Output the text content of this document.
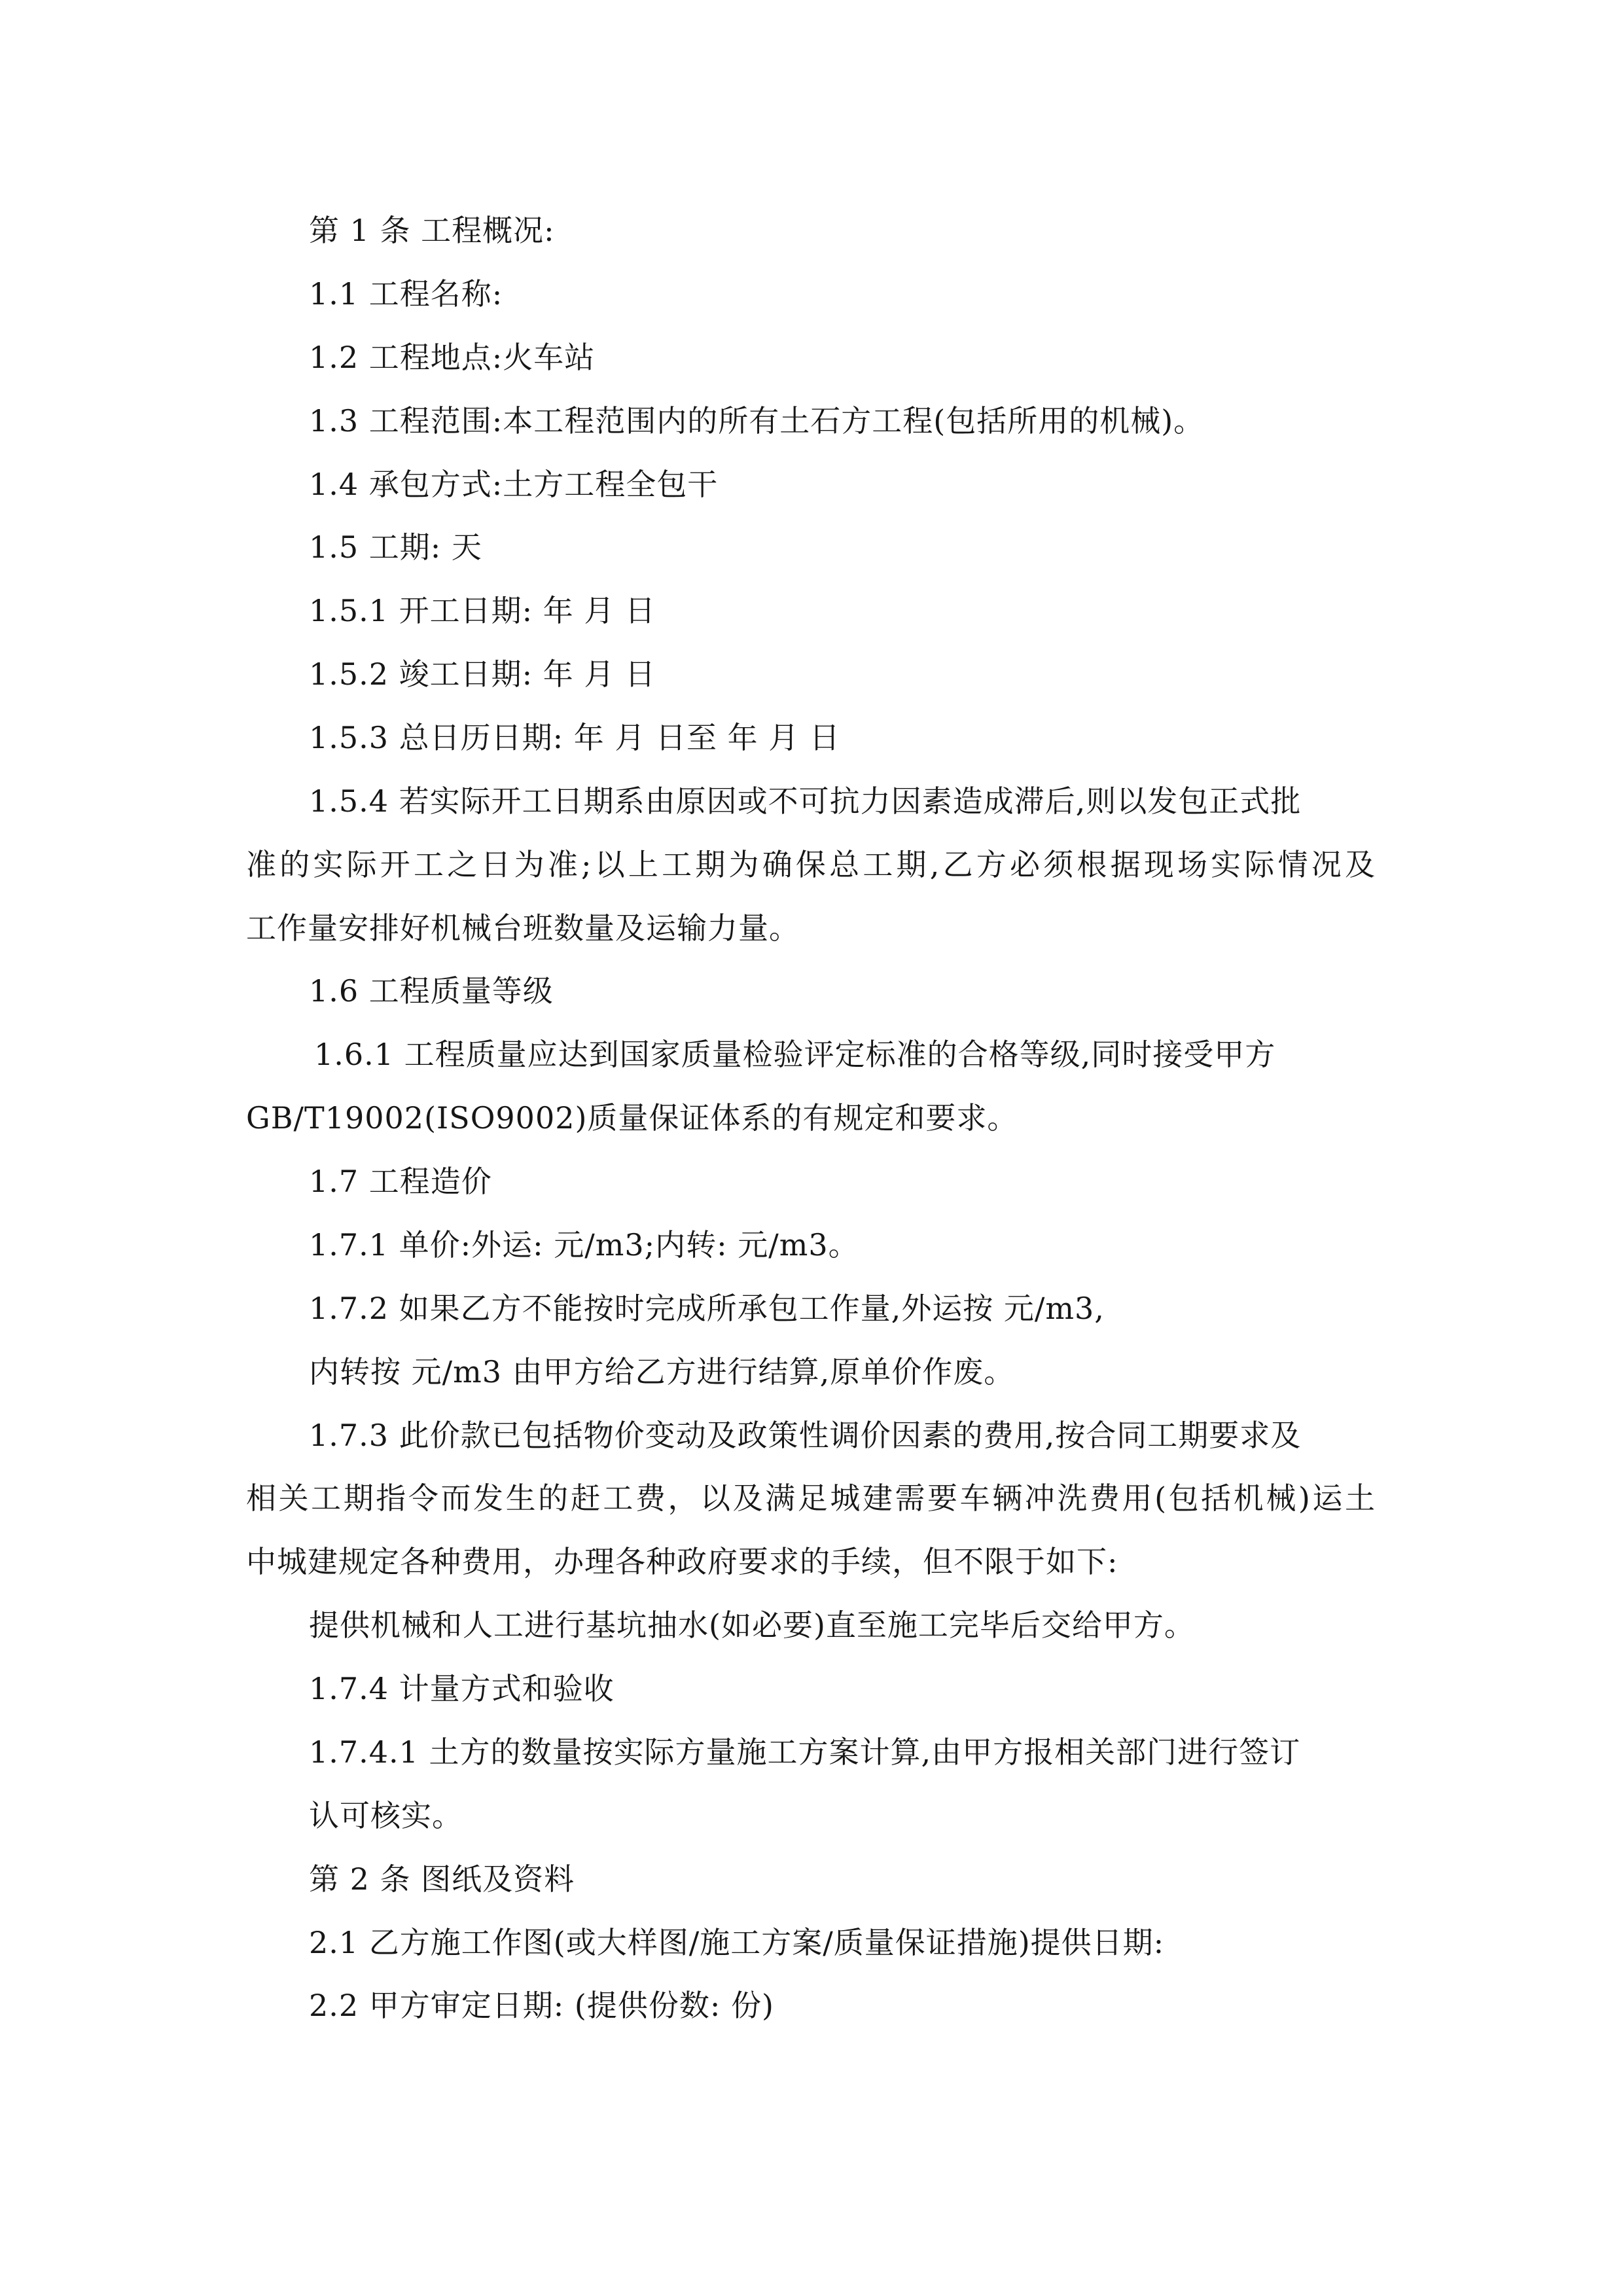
第 1 条 工程概况:

1.1 工程名称:

1.2 工程地点:火车站

1.3 工程范围:本工程范围内的所有土石方工程(包括所用的机械)。

1.4 承包方式:土方工程全包干

1.5 工期: 天

1.5.1 开工日期: 年 月 日

1.5.2 竣工日期: 年 月 日

1.5.3 总日历日期: 年 月 日至 年 月 日

1.5.4 若实际开工日期系由原因或不可抗力因素造成滞后,则以发包正式批

准的实际开工之日为准;以上工期为确保总工期,乙方必须根据现场实际情况及

工作量安排好机械台班数量及运输力量。

1.6 工程质量等级

1.6.1 工程质量应达到国家质量检验评定标准的合格等级,同时接受甲方

GB/T19002(ISO9002)质量保证体系的有规定和要求。

1.7 工程造价

1.7.1 单价:外运: 元/m3;内转: 元/m3。

1.7.2 如果乙方不能按时完成所承包工作量,外运按 元/m3,

内转按 元/m3 由甲方给乙方进行结算,原单价作废。

1.7.3 此价款已包括物价变动及政策性调价因素的费用,按合同工期要求及

相关工期指令而发生的赶工费，以及满足城建需要车辆冲洗费用(包括机械)运土

中城建规定各种费用，办理各种政府要求的手续，但不限于如下:

提供机械和人工进行基坑抽水(如必要)直至施工完毕后交给甲方。

1.7.4 计量方式和验收

1.7.4.1 土方的数量按实际方量施工方案计算,由甲方报相关部门进行签订

认可核实。

第 2 条 图纸及资料

2.1 乙方施工作图(或大样图/施工方案/质量保证措施)提供日期:

2.2 甲方审定日期: (提供份数: 份)
